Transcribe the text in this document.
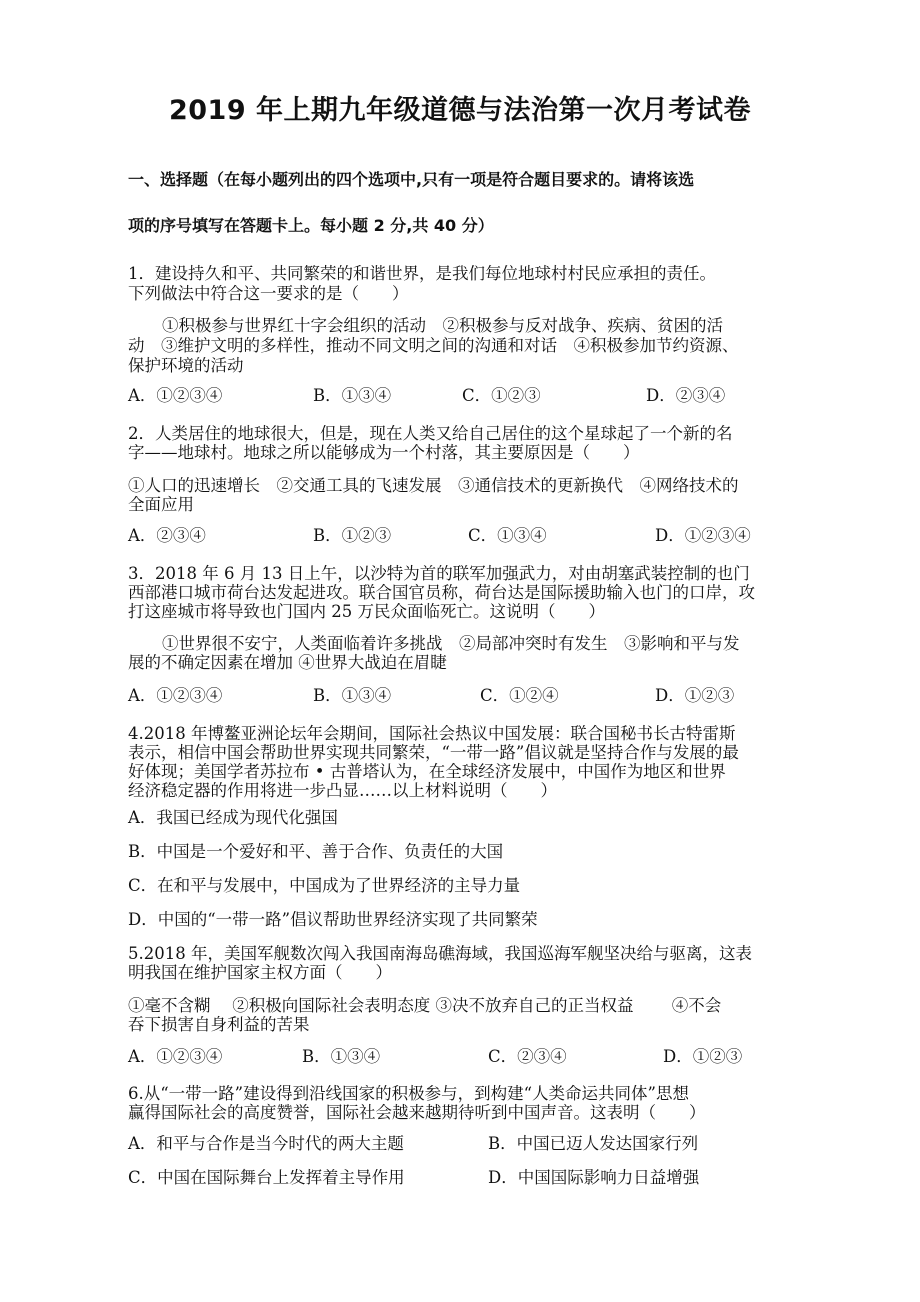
2019 年上期九年级道德与法治第一次月考试卷
一、选择题（在每小题列出的四个选项中,只有一项是符合题目要求的。请将该选
项的序号填写在答题卡上。每小题 2 分,共 40 分）
1．建设持久和平、共同繁荣的和谐世界，是我们每位地球村村民应承担的责任。
下列做法中符合这一要求的是（　　）
①积极参与世界红十字会组织的活动　②积极参与反对战争、疾病、贫困的活
动　③维护文明的多样性，推动不同文明之间的沟通和对话　④积极参加节约资源、
保护环境的活动
A．①②③④	B．①③④	C．①②③	D．②③④
2．人类居住的地球很大，但是，现在人类又给自己居住的这个星球起了一个新的名
字——地球村。地球之所以能够成为一个村落，其主要原因是（　　）
①人口的迅速增长　②交通工具的飞速发展　③通信技术的更新换代　④网络技术的
全面应用
A．②③④	B．①②③	C．①③④	D．①②③④
3．2018 年 6 月 13 日上午，以沙特为首的联军加强武力，对由胡塞武装控制的也门
西部港口城市荷台达发起进攻。联合国官员称，荷台达是国际援助输入也门的口岸，攻
打这座城市将导致也门国内 25 万民众面临死亡。这说明（　　）
①世界很不安宁，人类面临着许多挑战　②局部冲突时有发生　③影响和平与发
展的不确定因素在增加 ④世界大战迫在眉睫
A．①②③④	B．①③④	C．①②④	D．①②③
4.2018 年博鳌亚洲论坛年会期间，国际社会热议中国发展：联合国秘书长古特雷斯
表示，相信中国会帮助世界实现共同繁荣，“一带一路”倡议就是坚持合作与发展的最
好体现；美国学者苏拉布 • 古普塔认为，在全球经济发展中，中国作为地区和世界
经济稳定器的作用将进一步凸显……以上材料说明（　　）
A．我国已经成为现代化强国
B．中国是一个爱好和平、善于合作、负责任的大国
C．在和平与发展中，中国成为了世界经济的主导力量
D．中国的“一带一路”倡议帮助世界经济实现了共同繁荣
5.2018 年，美国军舰数次闯入我国南海岛礁海域，我国巡海军舰坚决给与驱离，这表
明我国在维护国家主权方面（　　）
①毫不含糊　 ②积极向国际社会表明态度 ③决不放弃自己的正当权益　　 ④不会
吞下损害自身利益的苦果
A．①②③④	B．①③④	C．②③④	D．①②③
6.从“一带一路”建设得到沿线国家的积极参与，到构建“人类命运共同体”思想
赢得国际社会的高度赞誉，国际社会越来越期待听到中国声音。这表明（　　）
A．和平与合作是当今时代的两大主题	B．中国已迈人发达国家行列
C．中国在国际舞台上发挥着主导作用	D．中国国际影响力日益增强
